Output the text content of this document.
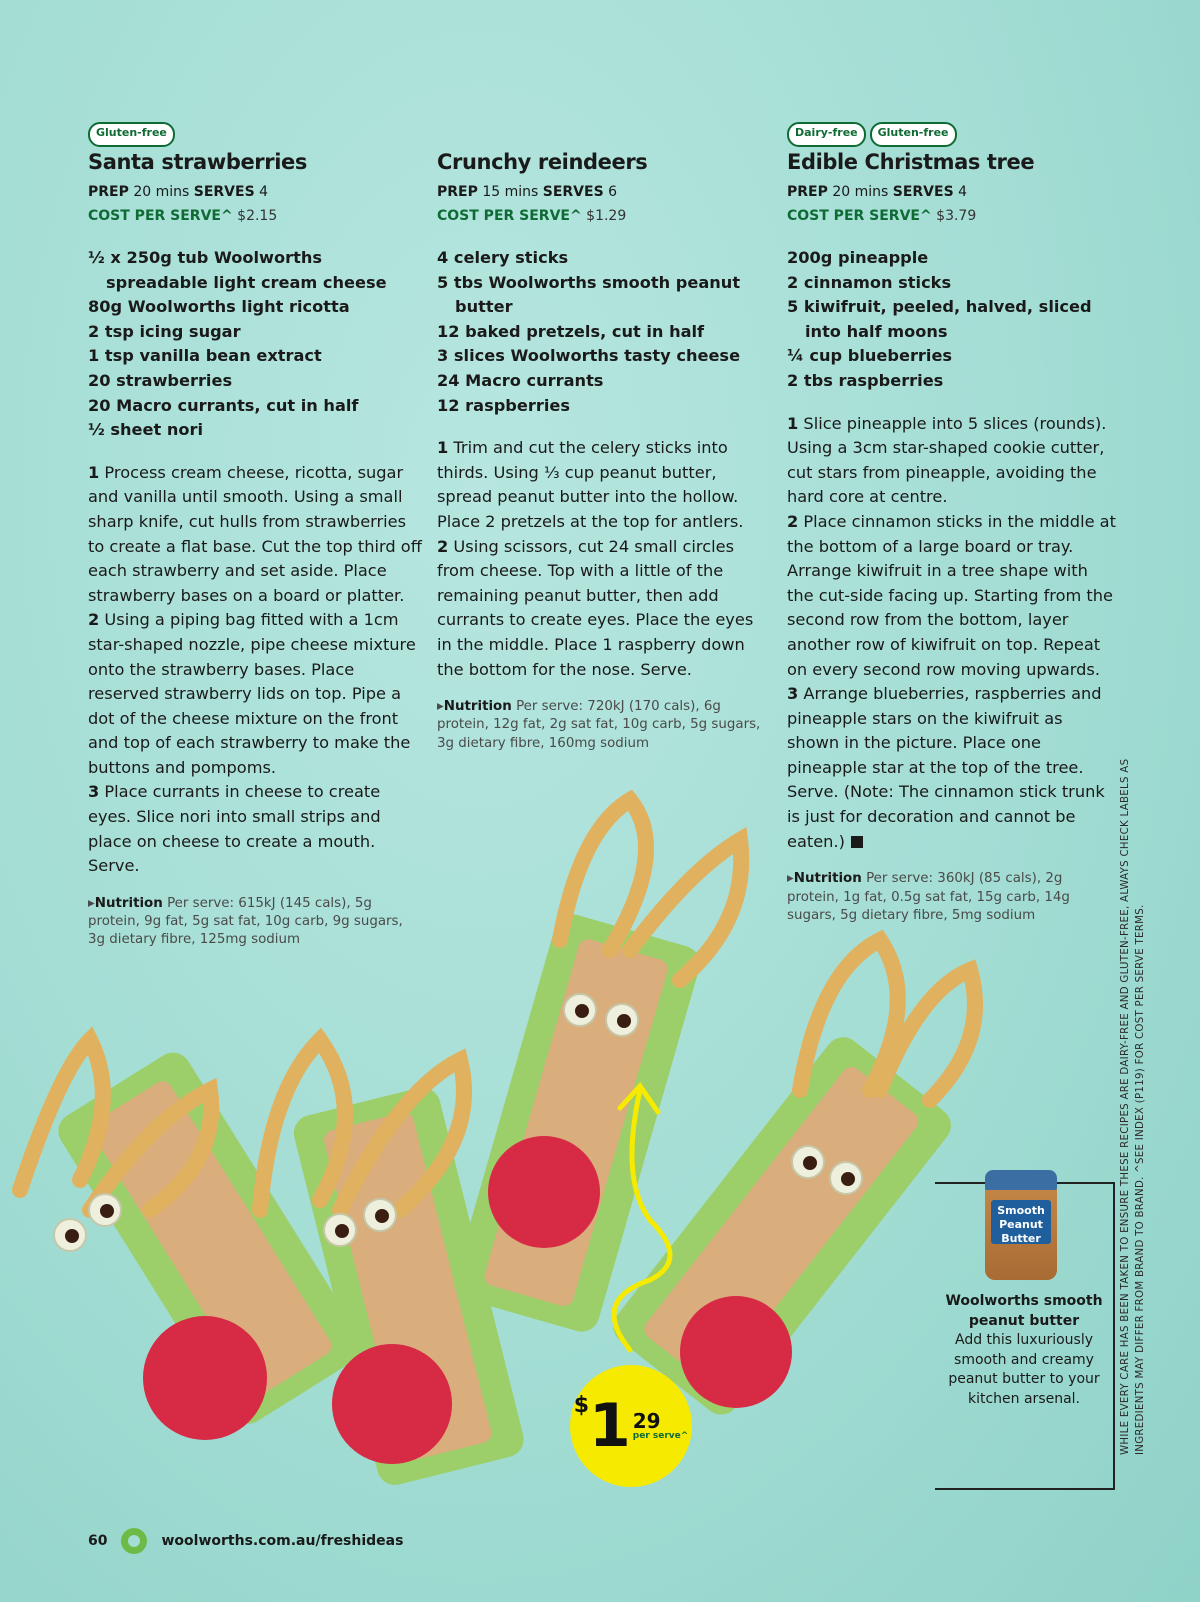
Gluten-free
Santa strawberries
PREP 20 mins SERVES 4
COST PER SERVE^ $2.15
½ x 250g tub Woolworths spreadable light cream cheese
80g Woolworths light ricotta
2 tsp icing sugar
1 tsp vanilla bean extract
20 strawberries
20 Macro currants, cut in half
½ sheet nori

1 Process cream cheese, ricotta, sugar and vanilla until smooth. Using a small sharp knife, cut hulls from strawberries to create a flat base. Cut the top third off each strawberry and set aside. Place strawberry bases on a board or platter.

2 Using a piping bag fitted with a 1cm star-shaped nozzle, pipe cheese mixture onto the strawberry bases. Place reserved strawberry lids on top. Pipe a dot of the cheese mixture on the front and top of each strawberry to make the buttons and pompoms.

3 Place currants in cheese to create eyes. Slice nori into small strips and place on cheese to create a mouth. Serve.

▸Nutrition Per serve: 615kJ (145 cals), 5g protein, 9g fat, 5g sat fat, 10g carb, 9g sugars, 3g dietary fibre, 125mg sodium
Crunchy reindeers
PREP 15 mins SERVES 6
COST PER SERVE^ $1.29
4 celery sticks
5 tbs Woolworths smooth peanut butter
12 baked pretzels, cut in half
3 slices Woolworths tasty cheese
24 Macro currants
12 raspberries

1 Trim and cut the celery sticks into thirds. Using ⅓ cup peanut butter, spread peanut butter into the hollow. Place 2 pretzels at the top for antlers.

2 Using scissors, cut 24 small circles from cheese. Top with a little of the remaining peanut butter, then add currants to create eyes. Place the eyes in the middle. Place 1 raspberry down the bottom for the nose. Serve.

▸Nutrition Per serve: 720kJ (170 cals), 6g protein, 12g fat, 2g sat fat, 10g carb, 5g sugars, 3g dietary fibre, 160mg sodium
Dairy-free	Gluten-free
Edible Christmas tree
PREP 20 mins SERVES 4
COST PER SERVE^ $3.79
200g pineapple
2 cinnamon sticks
5 kiwifruit, peeled, halved, sliced into half moons
¼ cup blueberries
2 tbs raspberries

1 Slice pineapple into 5 slices (rounds). Using a 3cm star-shaped cookie cutter, cut stars from pineapple, avoiding the hard core at centre.

2 Place cinnamon sticks in the middle at the bottom of a large board or tray. Arrange kiwifruit in a tree shape with the cut-side facing up. Starting from the second row from the bottom, layer another row of kiwifruit on top. Repeat on every second row moving upwards.

3 Arrange blueberries, raspberries and pineapple stars on the kiwifruit as shown in the picture. Place one pineapple star at the top of the tree. Serve. (Note: The cinnamon stick trunk is just for decoration and cannot be eaten.)

▸Nutrition Per serve: 360kJ (85 cals), 2g protein, 1g fat, 0.5g sat fat, 15g carb, 14g sugars, 5g dietary fibre, 5mg sodium
$ 1 29
per serve^
Smooth Peanut Butter
Woolworths smooth peanut butter
Add this luxuriously smooth and creamy peanut butter to your kitchen arsenal.	WHILE EVERY CARE HAS BEEN TAKEN TO ENSURE THESE RECIPES ARE DAIRY-FREE AND GLUTEN-FREE, ALWAYS CHECK LABELS AS INGREDIENTS MAY DIFFER FROM BRAND TO BRAND. ^SEE INDEX (P119) FOR COST PER SERVE TERMS.
60	woolworths.com.au/freshideas
